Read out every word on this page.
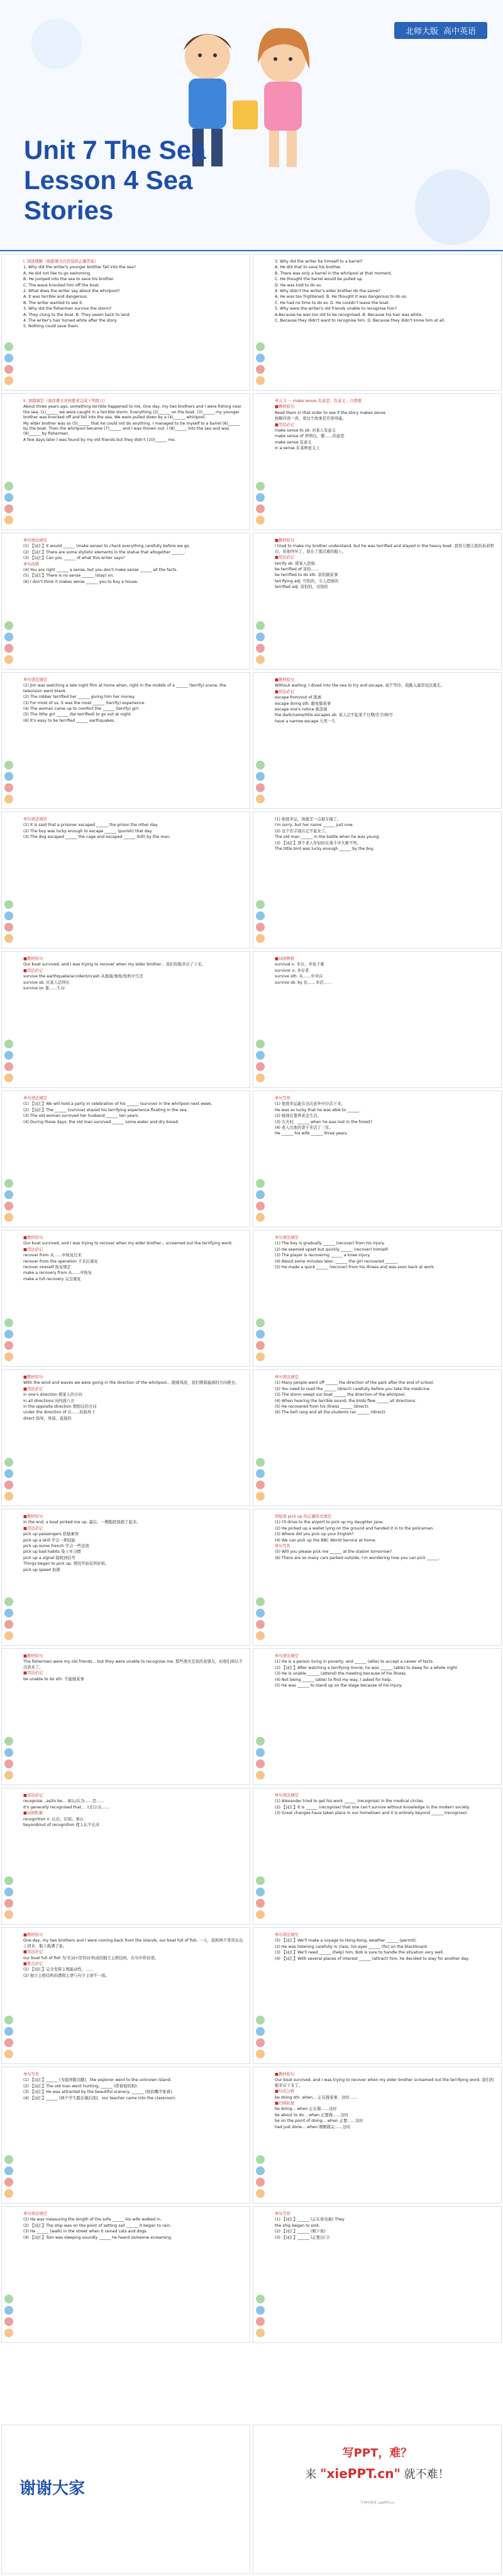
北师大版 高中英语
Unit 7 The Sea
Lesson 4 Sea
Stories

I. 阅读理解（根据课文内容选择正确答案）

1. Why did the writer's younger brother fall into the sea?

A. He did not like to go swimming.

B. He jumped into the sea to save his brother.

C. The wave knocked him off the boat.

2. What does the writer say about the whirlpool?

A. It was terrible and dangerous.

B. The writer wanted to see it.

3. Why did the fishermen survive the storm?

A. They clung to the boat. B. They swam back to land.

4. The writer's hair turned white after the story.

5. Nothing could save them.

3. Why did the writer tie himself to a barrel?

A. He did that to save his brother.

B. There was only a barrel in the whirlpool at that moment.

C. He thought the barrel would be pulled up.

D. He was told to do so.

4. Why didn't the writer's elder brother do the same?

A. He was too frightened. B. He thought it was dangerous to do so.

C. He had no time to do so. D. He couldn't leave the boat.

5. Why were the writer's old friends unable to recognise him?

A.Because he was too old to be recognised. B. Because his hair was white.

C. Because they didn't want to recognise him. D. Because they didn't know him at all.

II. 语篇填空（阅读课文并按要求完成下列练习）

About three years ago, something terrible happened to me. One day, my two brothers and I were fishing near the sea. (1)______ we were caught in a terrible storm. Everything (2)______ on the boat. (3)______ my younger brother was knocked off and fell into the sea. We were pulled down by a (4)______ whirlpool.

My elder brother was so (5)______ that he could not do anything. I managed to tie myself to a barrel (6)______ by the boat. Then the whirlpool became (7)______ and I was thrown out. I (8)______ into the sea and was (9)______ by fishermen.

A few days later I was found by my old friends but they didn't (10)______ me.

单元 1 一 make sense 有意思；有意义；合情理

■教材原句

Read them in that order to see if the story makes sense

按顺序读一读，看这个故事是否讲得通。

■用法必记

make sense to sb. 对某人有意义

make sense of 弄明白，懂……的意思

make sense 有意义

in a sense 在某种意义上

单句语法填空

(1) 【词汇】It would ______ (make sense) to check everything carefully before we go.

(2) 【词汇】There are some stylistic elements in the statue that altogether ______.

(3) 【词汇】Can you ______ of what this writer says?

单句改错

(4) You are right ______ a sense, but you don't make sense ______ all the facts.

(5) 【词汇】There is no sense ______ (stay) on.

(6) I don't think it makes sense ______ you to buy a house.

■教材原句

I tried to make my brother understand, but he was terrified and stayed in the heavy boat. 我努力想让我的弟弟明白，但他吓坏了，留在了那沉重的船上。

■用法必记

terrify sb. 使某人恐惧

be terrified of 害怕……

be terrified to do sth. 害怕做某事

terrifying adj. 可怕的，令人恐惧的

terrified adj. 害怕的，受惊的

单句语法填空

(1) Jim was watching a late night film at home when, right in the middle of a ______ (terrify) scene, the television went blank.

(2) The robber terrified her ______ giving him her money.

(3) For most of us, it was the most ______ (terrify) experience.

(4) The woman came up to comfort the ______ (terrify) girl.

(5) The little girl ______ (be terrified) to go out at night.

(6) It's easy to be terrified ______ earthquakes.

■教材原句

Without waiting, I dived into the sea to try and escape, 毫不等待，我跳入海里设法逃走。

■用法必记

escape from/out of 逃离

escape doing sth. 避免做某事

escape one's notice 被忽视

the dark/name/title escapes sb. 某人记不起某个日期/名字/称号

have a narrow escape 九死一生

单句语法填空

(1) It is said that a prisoner escaped ______ the prison the other day.

(2) The boy was lucky enough to escape ______ (punish) that day.

(3) The dog escaped ______ the cage and escaped ______ (kill) by the man.

(1) 他很幸运，他就差一点被车撞了。

I'm sorry, but her name ______ just now.

(2) 这个名字现在记不起来了。

The old man ______ in the battle when he was young.

(3) 【词汇】那个老人年轻时在战斗中大难不死。

The little bird was lucky enough ______ by the boy.

■教材原句

Our boat survived, and I was trying to recover when my elder brother... 我们的船幸存了下来。

■用法必记

survive the earthquake/accident/crash 从地震/事故/坠机中生还

survive sb. 比某人活得长

survive on 靠……生存

■词语辨析

survival n. 幸存，幸免于难

survivor n. 幸存者

survive sth. 从……中幸存

survive sb. by 比……多活……

单句语法填空

(1) 【词汇】We will hold a party in celebration of his ______ (survive) in the whirlpool next week.

(2) 【词汇】The ______ (survive) shared his terrifying experience floating in the sea.

(3) The old woman survived her husband ______ ten years.

(4) During those days, the old man survived ______ some water and dry bread.

单句写作

(1) 他很幸运能在这次意外中存活下来。

He was so lucky that he was able to ______.

(2) 她现在靠养老金生活。

(3) 大火时，______ when he was lost in the forest?

(4) 老人比他的妻子多活了三年。

He ______ his wife ______ three years.

■教材原句

Our boat survived, and I was trying to recover when my elder brother... screamed out the terrifying word.

■用法必记

recover from 从……中恢复过来

recover from the operation 手术后康复

recover oneself 恢复镇定

make a recovery from 从……中恢复

make a full recovery 完全康复

单句语法填空

(1) The boy is gradually ______ (recover) from his injury.

(2) He seemed upset but quickly ______ (recover) himself.

(3) The player is recovering ______ a knee injury.

(4) About some minutes later, ______ the girl recovered ______.

(5) He made a quick ______ (recover) from his illness and was soon back at work.

■教材原句

With the wind and waves we were going in the direction of the whirlpool... 随着风浪，我们朝着漩涡的方向驶去。

■用法必记

in one's direction 朝某人的方向

in all directions 向四面八方

in the opposite direction 朝相反的方向

under the direction of 在……的指导下

direct 指导，导演，直接的

单句语法填空

(1) Many people went off ______ the direction of the park after the end of school.

(2) You need to read the ______ (direct) carefully before you take the medicine.

(3) The storm swept our boat ______ the direction of the whirlpool.

(4) When hearing the terrible sound, the birds flew ______ all directions.

(5) He recovered from his illness ______ (direct).

(6) The bell rang and all the students ran ______ (direct).

■教材原句

In the end, a boat picked me up. 最后，一艘船把我救了起来。

■用法必记

pick up passengers 搭载乘客

pick up a skill 学会一项技能

pick up some French 学会一些法语

pick up bad habits 染上坏习惯

pick up a signal 接收到信号

Things began to pick up. 情况开始有所好转。

pick up speed 加速

用短语 pick up 的正确形式填空

(1) I'll drive to the airport to pick up my daughter Jane.

(2) He picked up a wallet lying on the ground and handed it in to the policeman.

(3) Where did you pick up your English?

(4) We can pick up the BBC World Service at home.

单句写作

(5) Will you please pick me ______ at the station tomorrow?

(6) There are so many cars parked outside, I'm wondering how you can pick ______.

■教材原句

The fishermen were my old friends... but they were unable to recognise me. 那些渔夫是我的老朋友，但他们却认不出我来了。

■用法必记

be unable to do sth. 不能做某事

单句语法填空

(1) He is a person living in poverty, and ______ (able) to accept a career of facts.

(2) 【词汇】After watching a terrifying movie, he was ______ (able) to sleep for a whole night.

(3) He is unable ______ (attend) the meeting because of his illness.

(4) Not being ______ (able) to find my way, I asked for help.

(5) He was ______ to stand up on the stage because of his injury.

■用法必记

recognise...as/to be... 承认/认为……是……

It's generally recognised that... 人们公认……

■词语积累

recognition n. 认出；识别；承认

beyond/out of recognition 使人认不出来

单句语法填空

(1) Alexander tried to get his work ______ (recognise) in the medical circles.

(2) 【词汇】It is ______ (recognise) that one can't survive without knowledge in the modern society.

(3) Great changes have taken place in our hometown and it is entirely beyond ______ (recognise).

■教材原句

One day, my two brothers and I were coming back from the islands, our boat full of fish. 一天，我和两个哥哥从岛上回来，船上载满了鱼。

■用法必记

our boat full of fish 为'名词+形容词'构成的独立主格结构，在句中作状语。

■要点必记

(1) 【词汇】完全发挥主观能动性，……

(2) 独立主格结构的逻辑主语与句子主语不一致。

单句语法填空

(5) 【词汇】We'll make a voyage to Hong Kong, weather ______ (permit).

(2) He was listening carefully in class, his eyes ______ (fix) on the blackboard.

(3) 【词汇】We'll need ______ (help) him, Bob is sure to handle the situation very well.

(4) 【词汇】With several places of interest ______ (attract) him, he decided to stay for another day.

单句写作

(1) 【词汇】______ (为祖国做贡献)，the explorer went to the unknown island.

(2) 【词汇】The old man went hunting, ______ (带着他的狗).

(3) 【词汇】He was attracted by the beautiful scenery, ______ (他的嘴半张着).

(4) 【词汇】______ (两个学生跟在她后面)，our teacher came into the classroom.

■教材原句

Our boat survived, and I was trying to recover when my elder brother screamed out the terrifying word. 我们的船幸存下来了。

■句式分析

be doing sth. when... 正在做某事，这时……

■归纳拓展

be doing... when 正在做……这时

be about to do... when 正要做……这时

be on the point of doing... when 正要……这时

had just done... when 刚刚做完……这时

单句语法填空

(1) He was measuring the length of the sofa ______ his wife walked in.

(2) 【词汇】The ship was on the point of setting sail ______ it began to rain.

(3) He ______ (walk) in the street when it rained cats and dogs.

(4) 【词汇】Tom was sleeping soundly ______ he heard someone screaming.

单句写作

(1) 【词汇】______ (正在看电视) They

the ship began to sink.

(2) 【词汇】______ (刚下班)

(3) 【词汇】______ (正要出门)

谢谢大家
写PPT，难？
来 "xiePPT.cn" 就不难！
写PPT就来 xiePPT.cn
